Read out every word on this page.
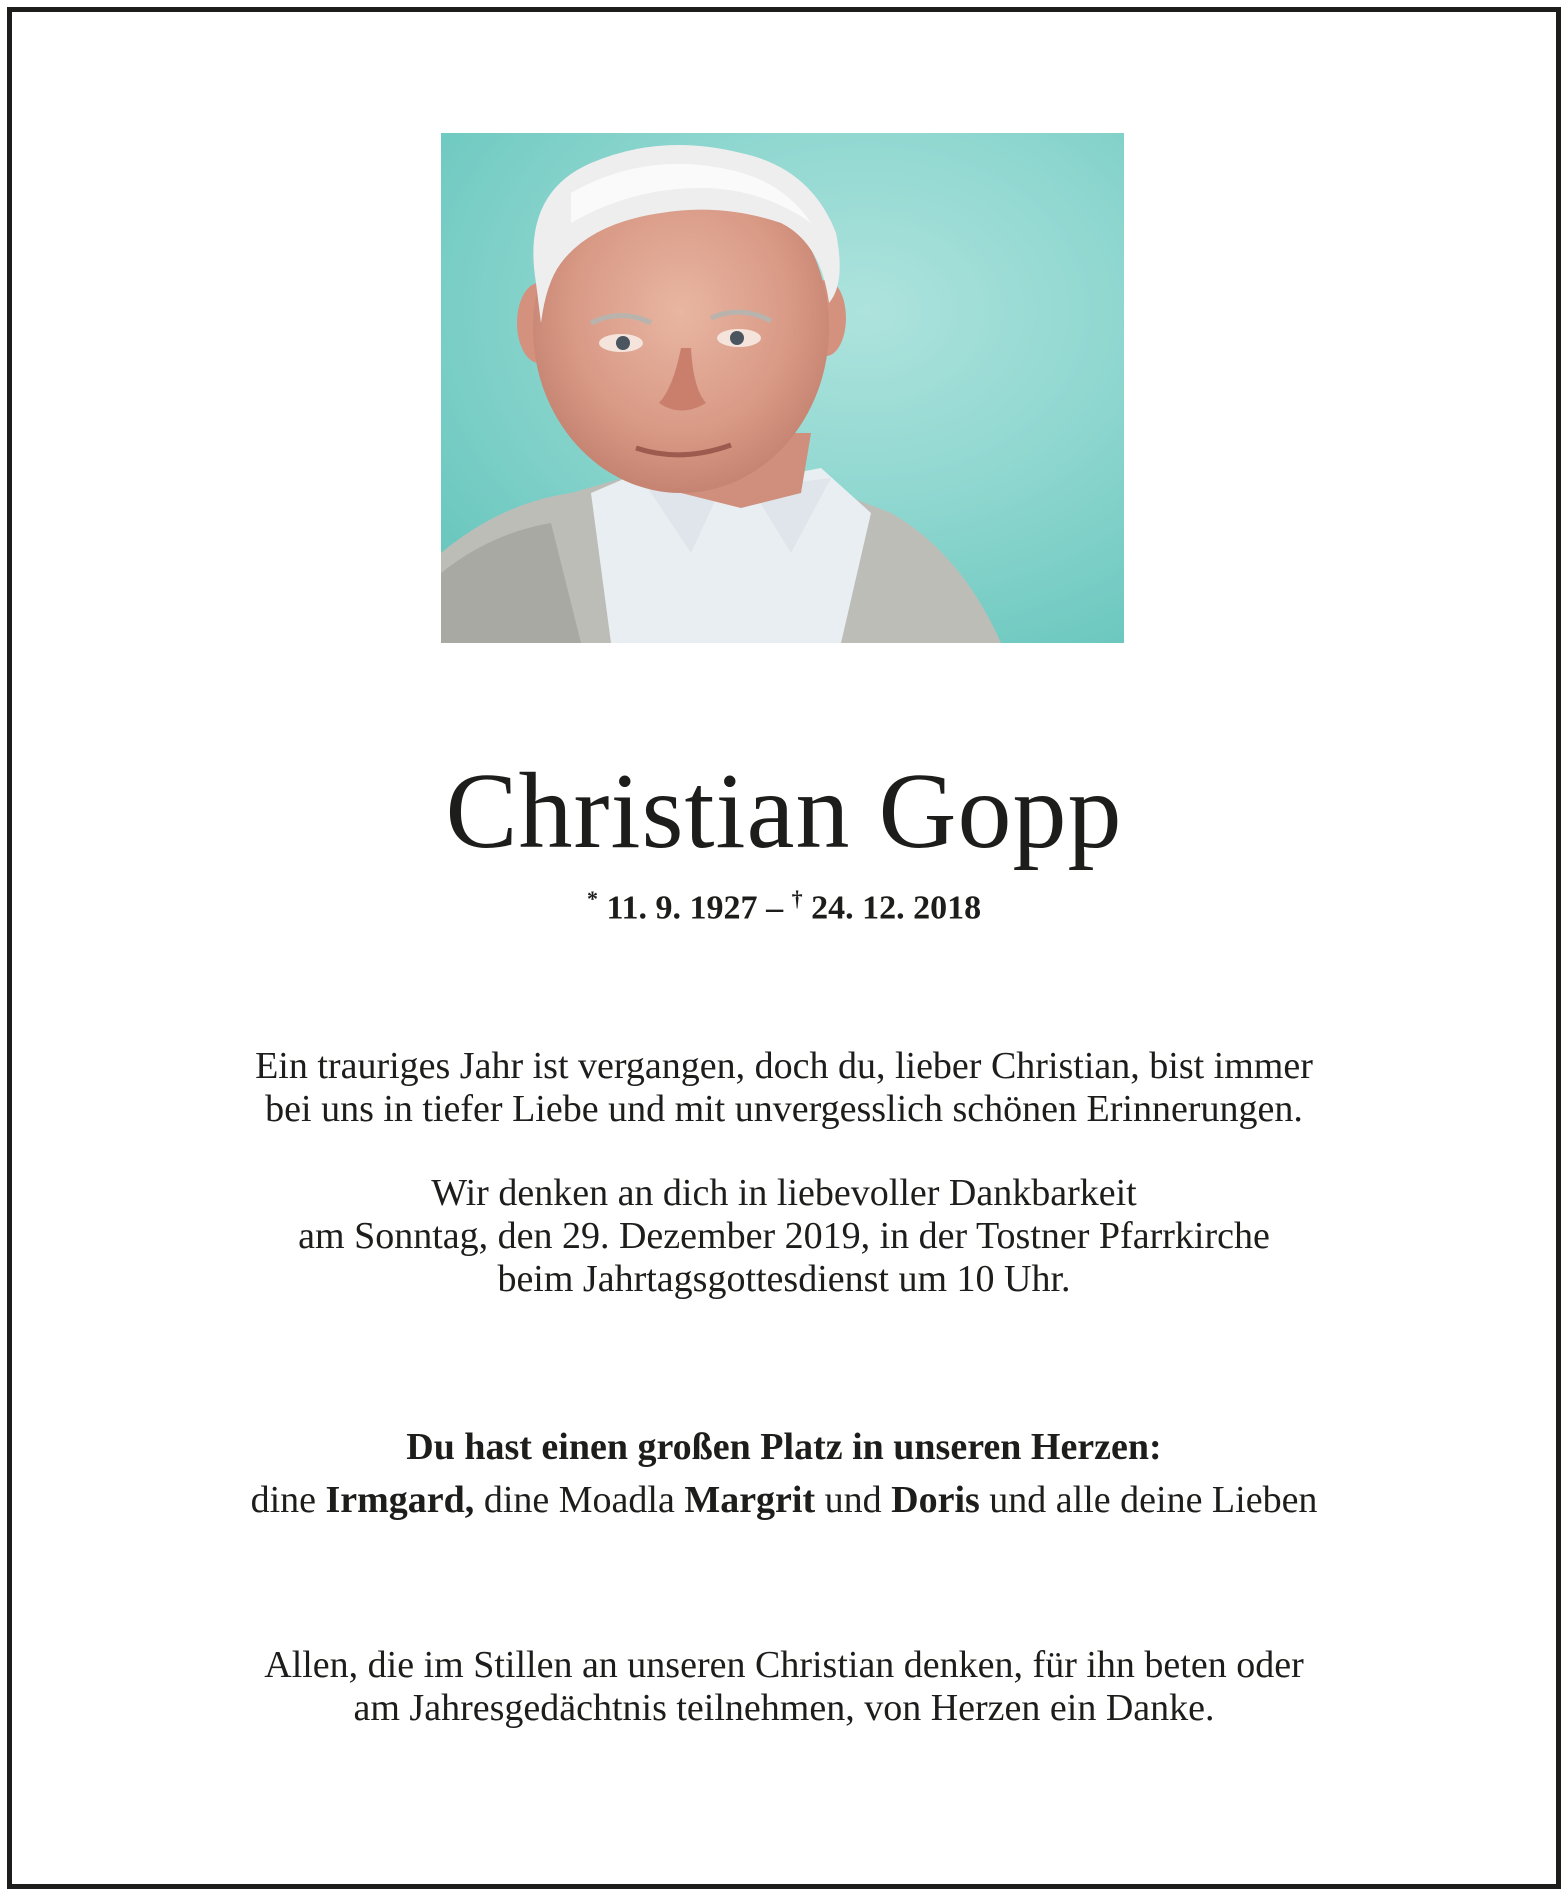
Christian Gopp
* 11. 9. 1927 – † 24. 12. 2018
Ein trauriges Jahr ist vergangen, doch du, lieber Christian, bist immer
bei uns in tiefer Liebe und mit unvergesslich schönen Erinnerungen.
Wir denken an dich in liebevoller Dankbarkeit
am Sonntag, den 29. Dezember 2019, in der Tostner Pfarrkirche
beim Jahrtagsgottesdienst um 10 Uhr.
Du hast einen großen Platz in unseren Herzen:
dine Irmgard, dine Moadla Margrit und Doris und alle deine Lieben
Allen, die im Stillen an unseren Christian denken, für ihn beten oder
am Jahresgedächtnis teilnehmen, von Herzen ein Danke.
